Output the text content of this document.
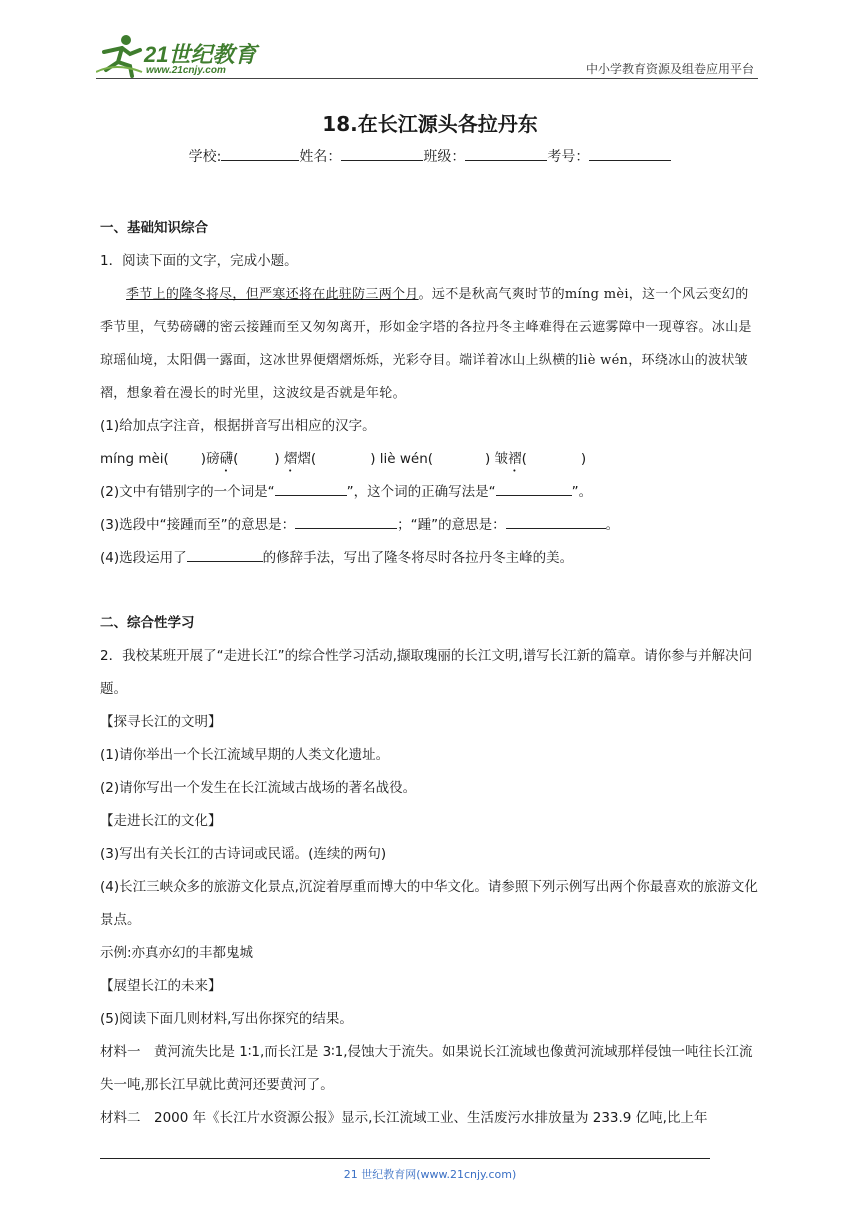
21世纪教育
www.21cnjy.com	中小学教育资源及组卷应用平台
18.在长江源头各拉丹东
学校:	姓名：	班级：	考号：

一、基础知识综合

1．阅读下面的文字，完成小题。

季节上的隆冬将尽，但严寒还将在此驻防三两个月。远不是秋高气爽时节的míng mèi，这一个风云变幻的季节里，气势磅礴的密云接踵而至又匆匆离开，形如金字塔的各拉丹冬主峰难得在云遮雾障中一现尊容。冰山是琼瑶仙境，太阳偶一露面，这冰世界便熠熠烁烁，光彩夺目。端详着冰山上纵横的liè wén，环绕冰山的波状皱褶，想象着在漫长的时光里，这波纹是否就是年轮。

(1)给加点字注音，根据拼音写出相应的汉字。

míng mèi( )磅礴(	) 熠熠(	) liè wén(	) 皱褶(	)

(2)文中有错别字的一个词是“	”，这个词的正确写法是“	”。

(3)选段中“接踵而至”的意思是：	；“踵”的意思是：	。

(4)选段运用了	的修辞手法，写出了隆冬将尽时各拉丹冬主峰的美。

二、综合性学习

2．我校某班开展了“走进长江”的综合性学习活动,撷取瑰丽的长江文明,谱写长江新的篇章。请你参与并解决问题。

【探寻长江的文明】

(1)请你举出一个长江流域早期的人类文化遗址。

(2)请你写出一个发生在长江流域古战场的著名战役。

【走进长江的文化】

(3)写出有关长江的古诗词或民谣。(连续的两句)

(4)长江三峡众多的旅游文化景点,沉淀着厚重而博大的中华文化。请参照下列示例写出两个你最喜欢的旅游文化景点。

示例:亦真亦幻的丰都鬼城

【展望长江的未来】

(5)阅读下面几则材料,写出你探究的结果。

材料一　黄河流失比是 1∶1,而长江是 3∶1,侵蚀大于流失。如果说长江流域也像黄河流域那样侵蚀一吨往长江流失一吨,那长江早就比黄河还要黄河了。

材料二　2000 年《长江片水资源公报》显示,长江流域工业、生活废污水排放量为 233.9 亿吨,比上年

21 世纪教育网(www.21cnjy.com)
